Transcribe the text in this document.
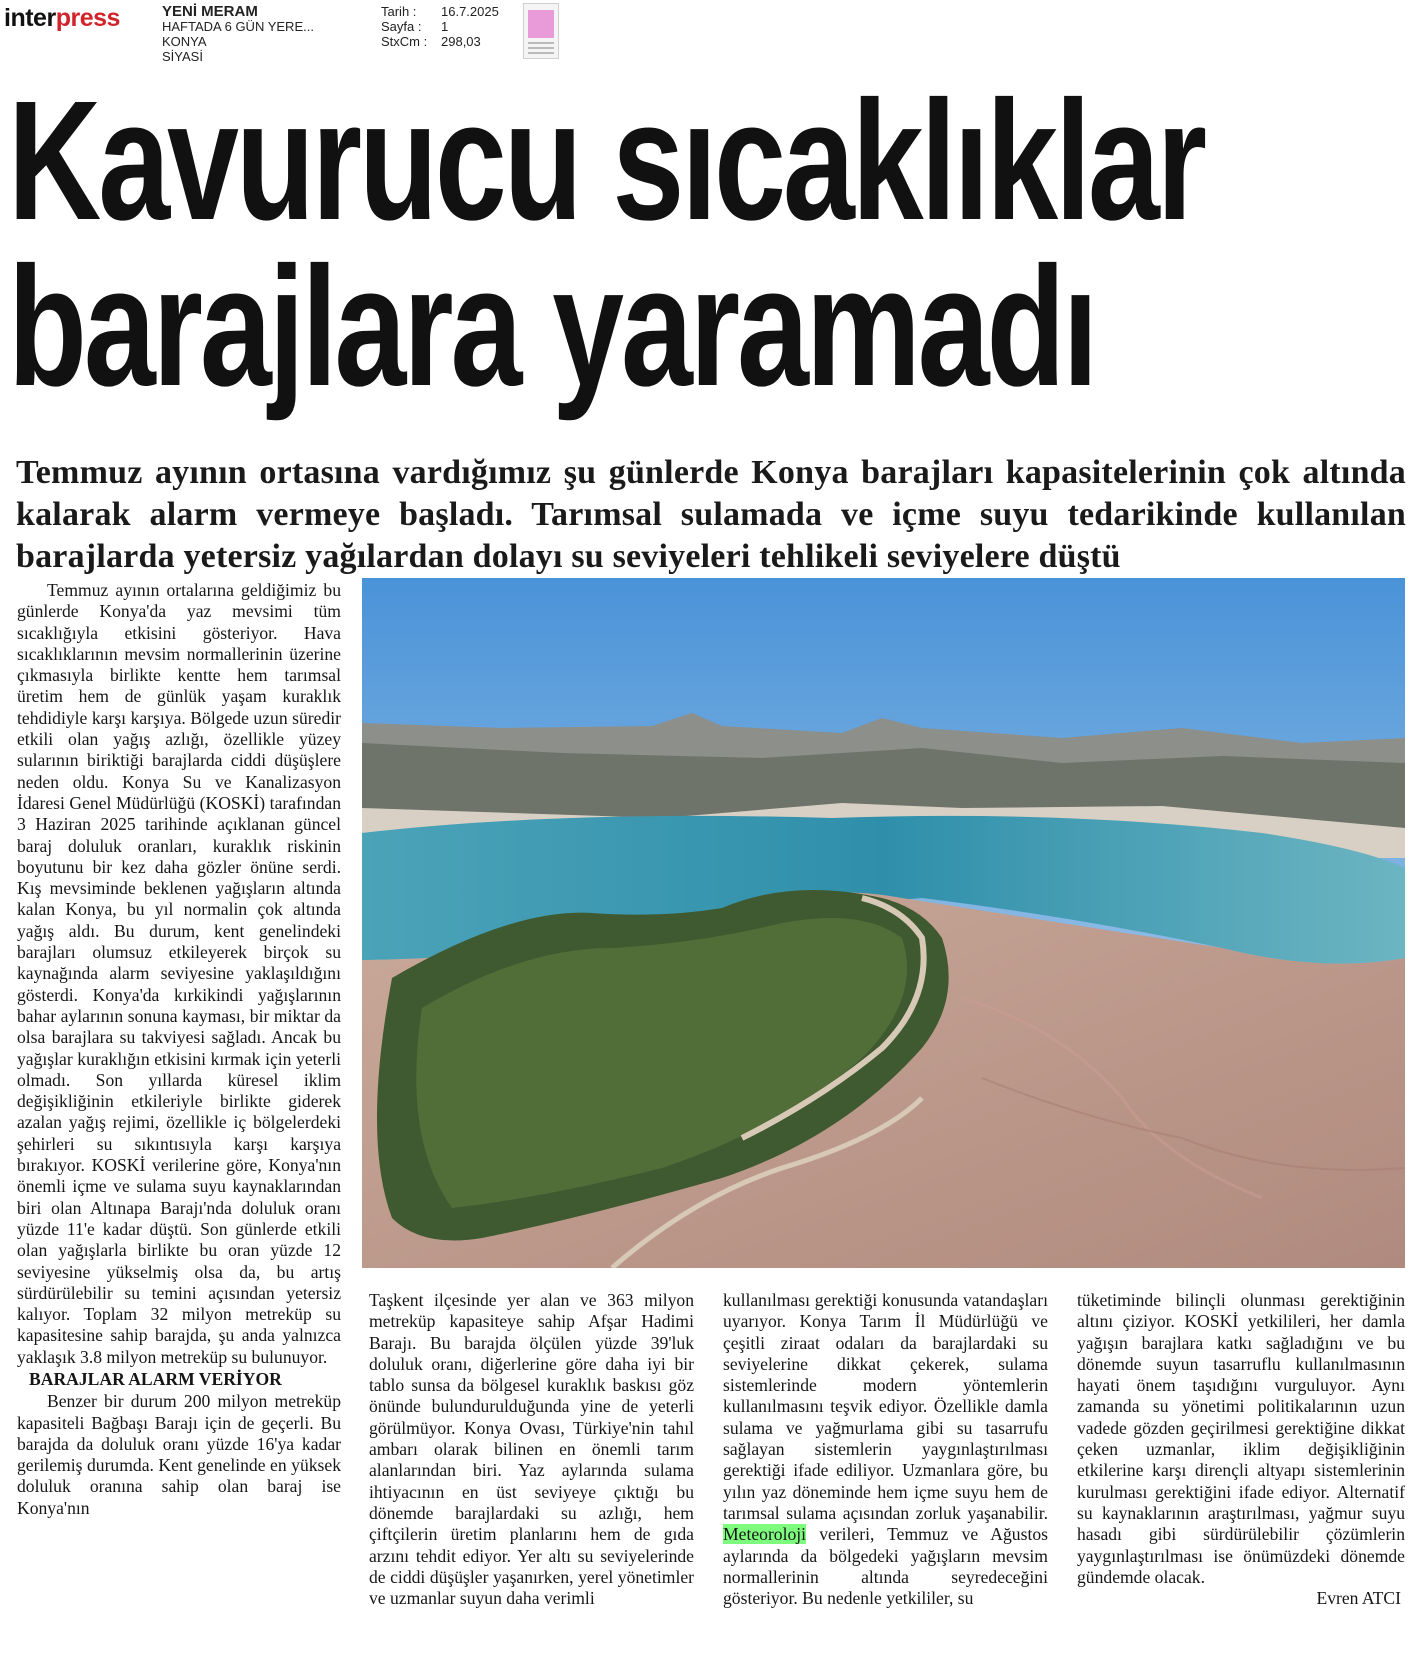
interpress	YENİ MERAM
HAFTADA 6 GÜN YERE...
KONYA
SİYASİ
Tarih :	16.7.2025
Sayfa :	1
StxCm :	298,03
Kavurucu sıcaklıklar
barajlara yaramadı
Temmuz ayının ortasına vardığımız şu günlerde Konya barajları kapasitelerinin çok altında kalarak alarm vermeye başladı. Tarımsal sulamada ve içme suyu tedarikinde kullanılan barajlarda yetersiz yağılardan dolayı su seviyeleri tehlikeli seviyelere düştü

Temmuz ayının ortalarına geldiğimiz bu günlerde Konya'da yaz mevsimi tüm sıcaklığıyla etkisini gösteriyor. Hava sıcaklıklarının mevsim normallerinin üzerine çıkmasıyla birlikte kentte hem tarımsal üretim hem de günlük yaşam kuraklık tehdidiyle karşı karşıya. Bölgede uzun süredir etkili olan yağış azlığı, özellikle yüzey sularının biriktiği barajlarda ciddi düşüşlere neden oldu. Konya Su ve Kanalizasyon İdaresi Genel Müdürlüğü (KOSKİ) tarafından 3 Haziran 2025 tarihinde açıklanan güncel baraj doluluk oranları, kuraklık riskinin boyutunu bir kez daha gözler önüne serdi. Kış mevsiminde beklenen yağışların altında kalan Konya, bu yıl normalin çok altında yağış aldı. Bu durum, kent genelindeki barajları olumsuz etkileyerek birçok su kaynağında alarm seviyesine yaklaşıldığını gösterdi. Konya'da kırkikindi yağışlarının bahar aylarının sonuna kayması, bir miktar da olsa barajlara su takviyesi sağladı. Ancak bu yağışlar kuraklığın etkisini kırmak için yeterli olmadı. Son yıllarda küresel iklim değişikliğinin etkileriyle birlikte giderek azalan yağış rejimi, özellikle iç bölgelerdeki şehirleri su sıkıntısıyla karşı karşıya bırakıyor. KOSKİ verilerine göre, Konya'nın önemli içme ve sulama suyu kaynaklarından biri olan Altınapa Barajı'nda doluluk oranı yüzde 11'e kadar düştü. Son günlerde etkili olan yağışlarla birlikte bu oran yüzde 12 seviyesine yükselmiş olsa da, bu artış sürdürülebilir su temini açısından yetersiz kalıyor. Toplam 32 milyon metreküp su kapasitesine sahip barajda, şu anda yalnızca yaklaşık 3.8 milyon metreküp su bulunuyor.

BARAJLAR ALARM VERİYOR

Benzer bir durum 200 milyon metreküp kapasiteli Bağbaşı Barajı için de geçerli. Bu barajda da doluluk oranı yüzde 16'ya kadar gerilemiş durumda. Kent genelinde en yüksek doluluk oranına sahip olan baraj ise Konya'nın

Taşkent ilçesinde yer alan ve 363 milyon metreküp kapasiteye sahip Afşar Hadimi Barajı. Bu barajda ölçülen yüzde 39'luk doluluk oranı, diğerlerine göre daha iyi bir tablo sunsa da bölgesel kuraklık baskısı göz önünde bulundurulduğunda yine de yeterli görülmüyor. Konya Ovası, Türkiye'nin tahıl ambarı olarak bilinen en önemli tarım alanlarından biri. Yaz aylarında sulama ihtiyacının en üst seviyeye çıktığı bu dönemde barajlardaki su azlığı, hem çiftçilerin üretim planlarını hem de gıda arzını tehdit ediyor. Yer altı su seviyelerinde de ciddi düşüşler yaşanırken, yerel yönetimler ve uzmanlar suyun daha verimli

kullanılması gerektiği konusunda vatandaşları uyarıyor. Konya Tarım İl Müdürlüğü ve çeşitli ziraat odaları da barajlardaki su seviyelerine dikkat çekerek, sulama sistemlerinde modern yöntemlerin kullanılmasını teşvik ediyor. Özellikle damla sulama ve yağmurlama gibi su tasarrufu sağlayan sistemlerin yaygınlaştırılması gerektiği ifade ediliyor. Uzmanlara göre, bu yılın yaz döneminde hem içme suyu hem de tarımsal sulama açısından zorluk yaşanabilir. Meteoroloji verileri, Temmuz ve Ağustos aylarında da bölgedeki yağışların mevsim normallerinin altında seyredeceğini gösteriyor. Bu nedenle yetkililer, su

tüketiminde bilinçli olunması gerektiğinin altını çiziyor. KOSKİ yetkilileri, her damla yağışın barajlara katkı sağladığını ve bu dönemde suyun tasarruflu kullanılmasının hayati önem taşıdığını vurguluyor. Aynı zamanda su yönetimi politikalarının uzun vadede gözden geçirilmesi gerektiğine dikkat çeken uzmanlar, iklim değişikliğinin etkilerine karşı dirençli altyapı sistemlerinin kurulması gerektiğini ifade ediyor. Alternatif su kaynaklarının araştırılması, yağmur suyu hasadı gibi sürdürülebilir çözümlerin yaygınlaştırılması ise önümüzdeki dönemde gündemde olacak.

Evren ATCI
